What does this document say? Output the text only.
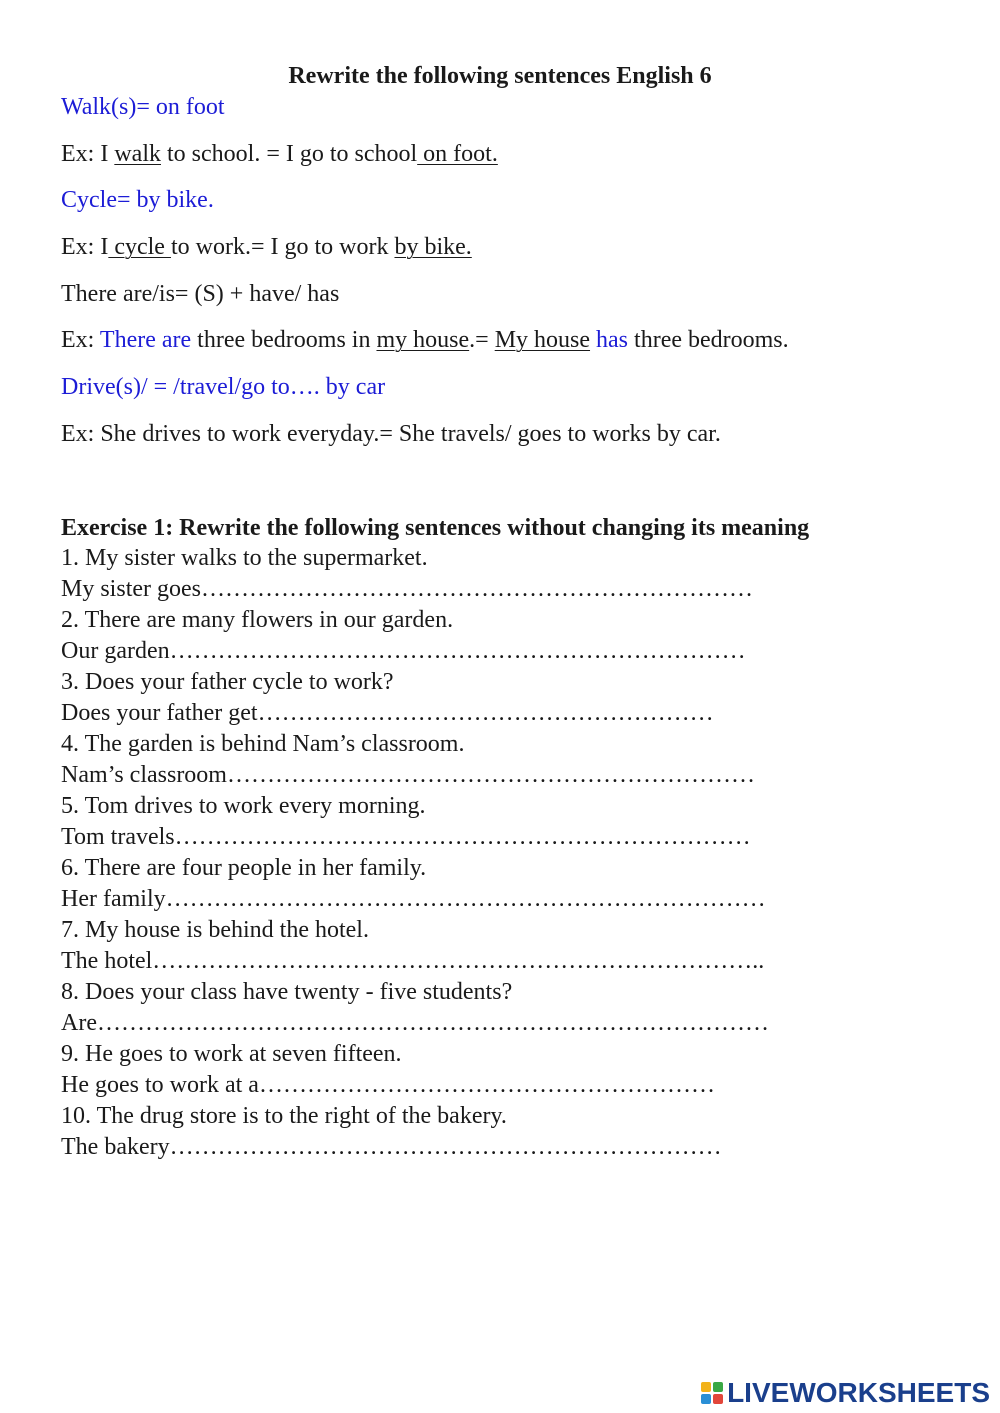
Rewrite the following sentences English 6
Walk(s)= on foot
Ex: I walk to school. = I go to school on foot.
Cycle= by bike.
Ex: I cycle to work.= I go to work by bike.
There are/is= (S) + have/ has
Ex: There are three bedrooms in my house.= My house has three bedrooms.
Drive(s)/ = /travel/go to…. by car
Ex: She drives to work everyday.= She travels/ goes to works by car.
Exercise 1: Rewrite the following sentences without changing its meaning
1. My sister walks to the supermarket.
My sister goes……………………………………………………………
2. There are many flowers in our garden.
Our garden………………………………………………………………
3. Does your father cycle to work?
Does your father get…………………………………………………
4. The garden is behind Nam’s classroom.
Nam’s classroom…………………………………………………………
5. Tom drives to work every morning.
Tom travels………………………………………………………………
6. There are four people in her family.
Her family…………………………………………………………………
7. My house is behind the hotel.
The hotel…………………………………………………………………..
8. Does your class have twenty - five students?
Are…………………………………………………………………………
9. He goes to work at seven fifteen.
He goes to work at a…………………………………………………
10. The drug store is to the right of the bakery.
The bakery……………………………………………………………
LIVEWORKSHEETS
